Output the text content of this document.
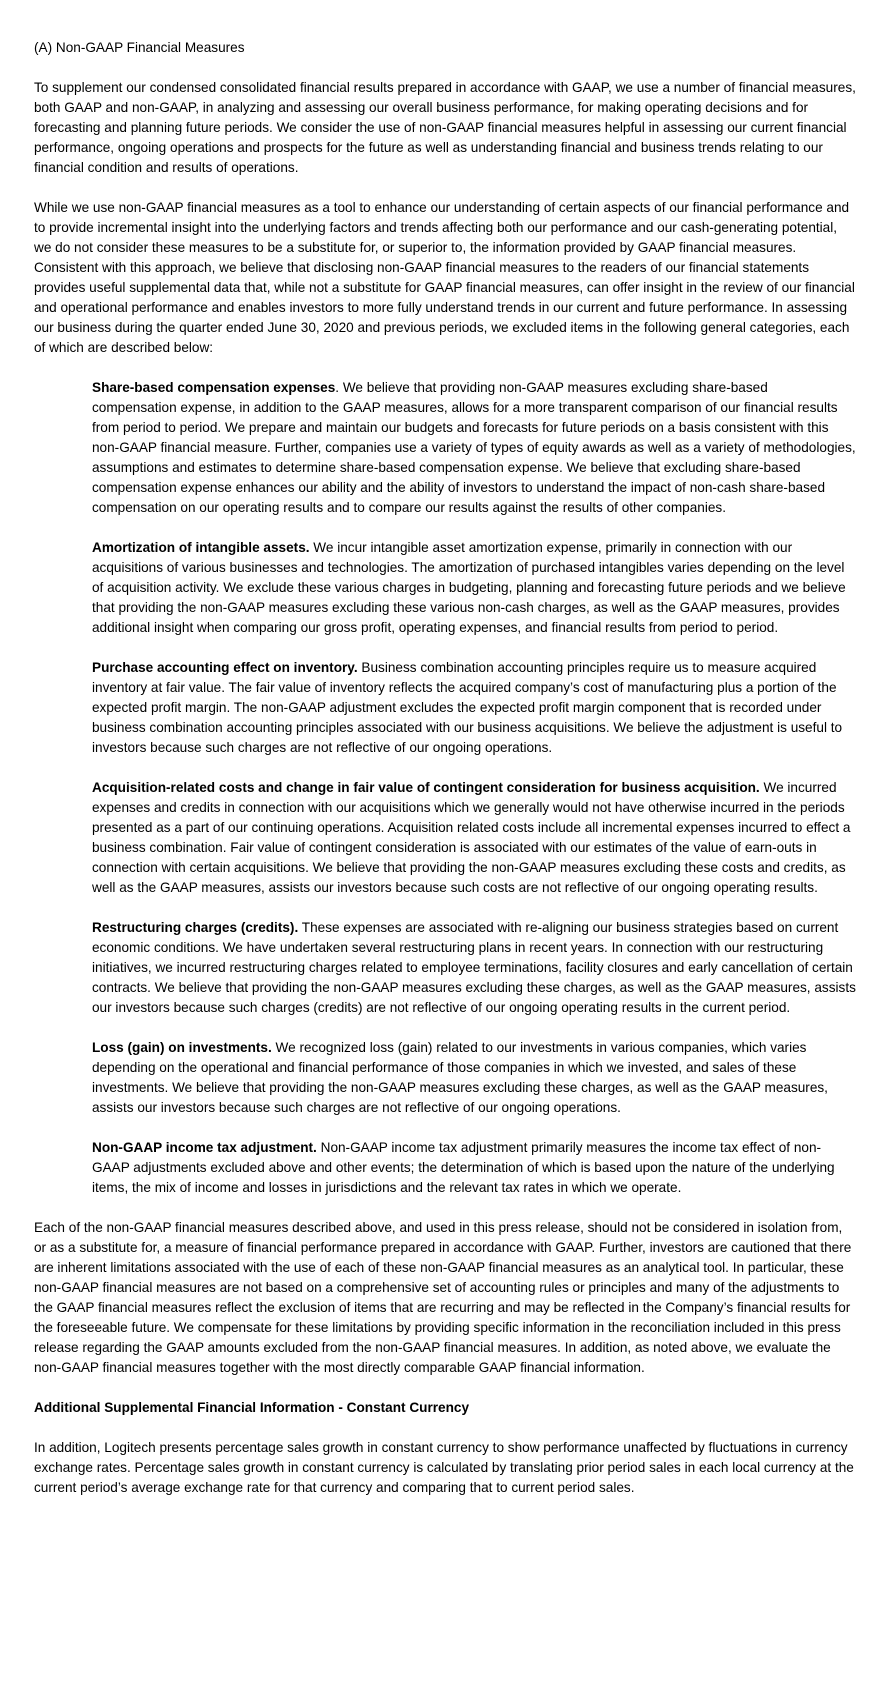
(A) Non-GAAP Financial Measures

To supplement our condensed consolidated financial results prepared in accordance with GAAP, we use a number of financial measures, both GAAP and non-GAAP, in analyzing and assessing our overall business performance, for making operating decisions and for forecasting and planning future periods. We consider the use of non-GAAP financial measures helpful in assessing our current financial performance, ongoing operations and prospects for the future as well as understanding financial and business trends relating to our financial condition and results of operations.

While we use non-GAAP financial measures as a tool to enhance our understanding of certain aspects of our financial performance and to provide incremental insight into the underlying factors and trends affecting both our performance and our cash-generating potential, we do not consider these measures to be a substitute for, or superior to, the information provided by GAAP financial measures. Consistent with this approach, we believe that disclosing non-GAAP financial measures to the readers of our financial statements provides useful supplemental data that, while not a substitute for GAAP financial measures, can offer insight in the review of our financial and operational performance and enables investors to more fully understand trends in our current and future performance. In assessing our business during the quarter ended June 30, 2020 and previous periods, we excluded items in the following general categories, each of which are described below:

Share-based compensation expenses. We believe that providing non-GAAP measures excluding share-based compensation expense, in addition to the GAAP measures, allows for a more transparent comparison of our financial results from period to period. We prepare and maintain our budgets and forecasts for future periods on a basis consistent with this non-GAAP financial measure. Further, companies use a variety of types of equity awards as well as a variety of methodologies, assumptions and estimates to determine share-based compensation expense. We believe that excluding share-based compensation expense enhances our ability and the ability of investors to understand the impact of non-cash share-based compensation on our operating results and to compare our results against the results of other companies.

Amortization of intangible assets. We incur intangible asset amortization expense, primarily in connection with our acquisitions of various businesses and technologies. The amortization of purchased intangibles varies depending on the level of acquisition activity. We exclude these various charges in budgeting, planning and forecasting future periods and we believe that providing the non-GAAP measures excluding these various non-cash charges, as well as the GAAP measures, provides additional insight when comparing our gross profit, operating expenses, and financial results from period to period.

Purchase accounting effect on inventory. Business combination accounting principles require us to measure acquired inventory at fair value. The fair value of inventory reflects the acquired company’s cost of manufacturing plus a portion of the expected profit margin. The non-GAAP adjustment excludes the expected profit margin component that is recorded under business combination accounting principles associated with our business acquisitions. We believe the adjustment is useful to investors because such charges are not reflective of our ongoing operations.

Acquisition-related costs and change in fair value of contingent consideration for business acquisition. We incurred expenses and credits in connection with our acquisitions which we generally would not have otherwise incurred in the periods presented as a part of our continuing operations. Acquisition related costs include all incremental expenses incurred to effect a business combination. Fair value of contingent consideration is associated with our estimates of the value of earn-outs in connection with certain acquisitions. We believe that providing the non-GAAP measures excluding these costs and credits, as well as the GAAP measures, assists our investors because such costs are not reflective of our ongoing operating results.

Restructuring charges (credits). These expenses are associated with re-aligning our business strategies based on current economic conditions. We have undertaken several restructuring plans in recent years. In connection with our restructuring initiatives, we incurred restructuring charges related to employee terminations, facility closures and early cancellation of certain contracts. We believe that providing the non-GAAP measures excluding these charges, as well as the GAAP measures, assists our investors because such charges (credits) are not reflective of our ongoing operating results in the current period.

Loss (gain) on investments. We recognized loss (gain) related to our investments in various companies, which varies depending on the operational and financial performance of those companies in which we invested, and sales of these investments. We believe that providing the non-GAAP measures excluding these charges, as well as the GAAP measures, assists our investors because such charges are not reflective of our ongoing operations.

Non-GAAP income tax adjustment. Non-GAAP income tax adjustment primarily measures the income tax effect of non-GAAP adjustments excluded above and other events; the determination of which is based upon the nature of the underlying items, the mix of income and losses in jurisdictions and the relevant tax rates in which we operate.

Each of the non-GAAP financial measures described above, and used in this press release, should not be considered in isolation from, or as a substitute for, a measure of financial performance prepared in accordance with GAAP. Further, investors are cautioned that there are inherent limitations associated with the use of each of these non-GAAP financial measures as an analytical tool. In particular, these non-GAAP financial measures are not based on a comprehensive set of accounting rules or principles and many of the adjustments to the GAAP financial measures reflect the exclusion of items that are recurring and may be reflected in the Company’s financial results for the foreseeable future. We compensate for these limitations by providing specific information in the reconciliation included in this press release regarding the GAAP amounts excluded from the non-GAAP financial measures. In addition, as noted above, we evaluate the non-GAAP financial measures together with the most directly comparable GAAP financial information.

Additional Supplemental Financial Information - Constant Currency

In addition, Logitech presents percentage sales growth in constant currency to show performance unaffected by fluctuations in currency exchange rates. Percentage sales growth in constant currency is calculated by translating prior period sales in each local currency at the current period’s average exchange rate for that currency and comparing that to current period sales.
